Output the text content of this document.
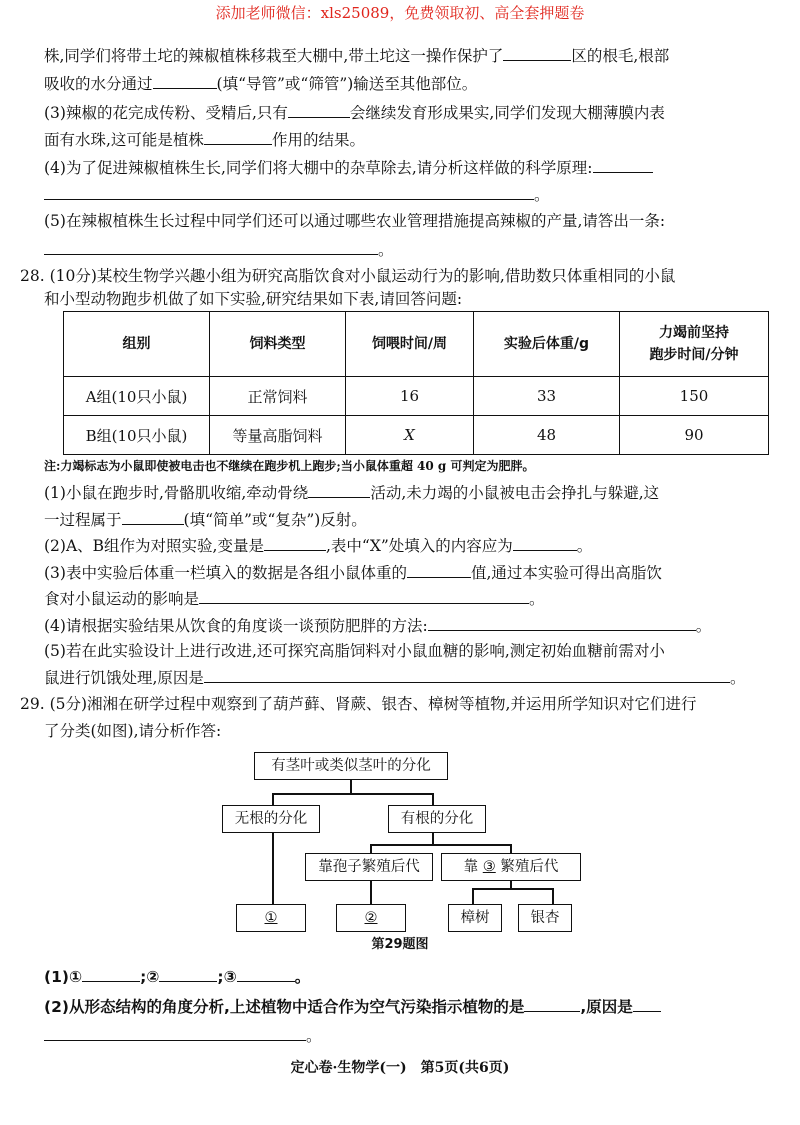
添加老师微信：xls25089，免费领取初、高全套押题卷
株,同学们将带土坨的辣椒植株移栽至大棚中,带土坨这一操作保护了	区的根毛,根部
吸收的水分通过	(填“导管”或“筛管”)输送至其他部位。
(3)辣椒的花完成传粉、受精后,只有	会继续发育形成果实,同学们发现大棚薄膜内表
面有水珠,这可能是植株	作用的结果。
(4)为了促进辣椒植株生长,同学们将大棚中的杂草除去,请分析这样做的科学原理:
。
(5)在辣椒植株生长过程中同学们还可以通过哪些农业管理措施提高辣椒的产量,请答出一条:
。
28. (10分)某校生物学兴趣小组为研究高脂饮食对小鼠运动行为的影响,借助数只体重相同的小鼠
和小型动物跑步机做了如下实验,研究结果如下表,请回答问题:
组别	饲料类型	饲喂时间/周	实验后体重/g	力竭前坚持
跑步时间/分钟
A组(10只小鼠)	正常饲料	16	33	150
B组(10只小鼠)	等量高脂饲料	X	48	90
注:力竭标志为小鼠即使被电击也不继续在跑步机上跑步;当小鼠体重超 40 g 可判定为肥胖。
(1)小鼠在跑步时,骨骼肌收缩,牵动骨绕	活动,未力竭的小鼠被电击会挣扎与躲避,这
一过程属于	(填“简单”或“复杂”)反射。
(2)A、B组作为对照实验,变量是	,表中“X”处填入的内容应为	。
(3)表中实验后体重一栏填入的数据是各组小鼠体重的	值,通过本实验可得出高脂饮
食对小鼠运动的影响是	。
(4)请根据实验结果从饮食的角度谈一谈预防肥胖的方法:	。
(5)若在此实验设计上进行改进,还可探究高脂饲料对小鼠血糖的影响,测定初始血糖前需对小
鼠进行饥饿处理,原因是	。
29. (5分)湘湘在研学过程中观察到了葫芦藓、肾蕨、银杏、樟树等植物,并运用所学知识对它们进行
了分类(如图),请分析作答:
有茎叶或类似茎叶的分化
无根的分化	有根的分化
靠孢子繁殖后代	靠 ③ 繁殖后代
①	②	樟树	银杏
第29题图
(1)①	;②	;③	。
(2)从形态结构的角度分析,上述植物中适合作为空气污染指示植物的是	,原因是
。
定心卷·生物学(一)　第5页(共6页)
